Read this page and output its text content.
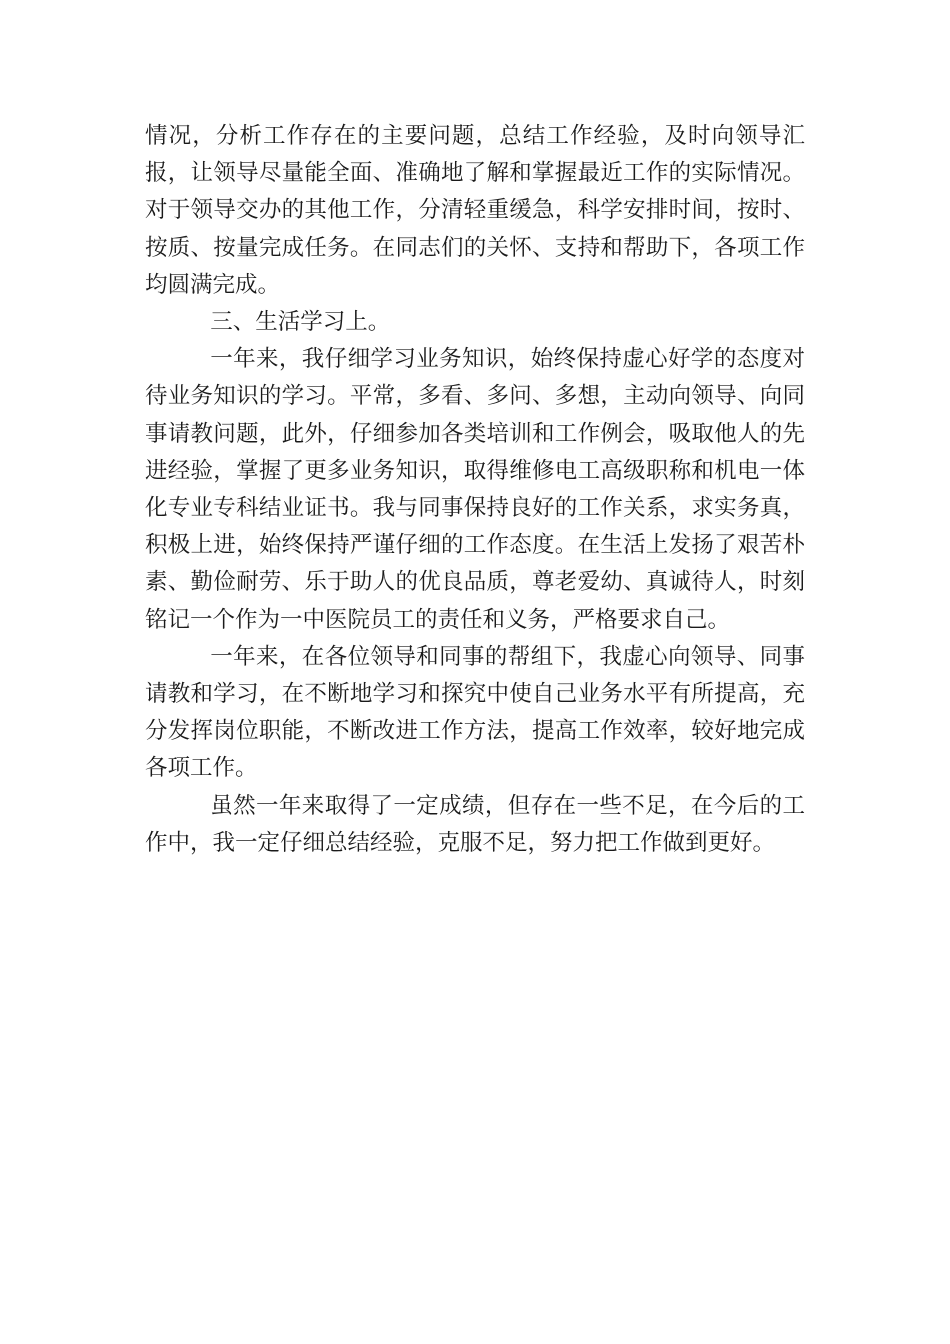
情况，分析工作存在的主要问题，总结工作经验，及时向领导汇报，让领导尽量能全面、准确地了解和掌握最近工作的实际情况。对于领导交办的其他工作，分清轻重缓急，科学安排时间，按时、按质、按量完成任务。在同志们的关怀、支持和帮助下，各项工作均圆满完成。

三、生活学习上。

一年来，我仔细学习业务知识，始终保持虚心好学的态度对待业务知识的学习。平常，多看、多问、多想，主动向领导、向同事请教问题，此外，仔细参加各类培训和工作例会，吸取他人的先进经验，掌握了更多业务知识，取得维修电工高级职称和机电一体化专业专科结业证书。我与同事保持良好的工作关系，求实务真，积极上进，始终保持严谨仔细的工作态度。在生活上发扬了艰苦朴素、勤俭耐劳、乐于助人的优良品质，尊老爱幼、真诚待人，时刻铭记一个作为一中医院员工的责任和义务，严格要求自己。

一年来，在各位领导和同事的帮组下，我虚心向领导、同事请教和学习，在不断地学习和探究中使自己业务水平有所提高，充分发挥岗位职能，不断改进工作方法，提高工作效率，较好地完成各项工作。

虽然一年来取得了一定成绩，但存在一些不足，在今后的工作中，我一定仔细总结经验，克服不足，努力把工作做到更好。
